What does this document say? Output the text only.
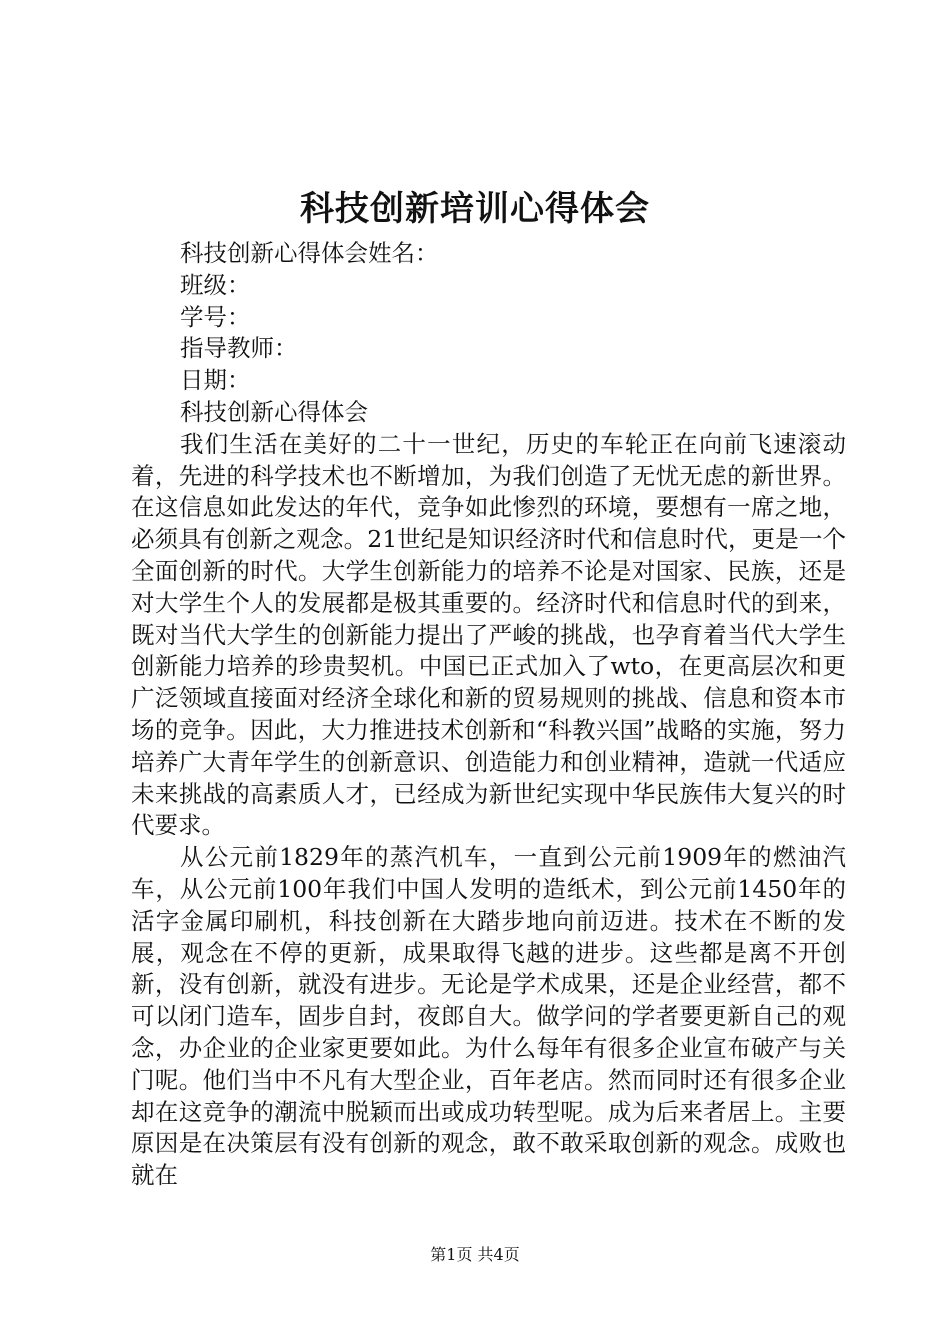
科技创新培训心得体会
科技创新心得体会姓名：
班级：
学号：
指导教师：
日期：
科技创新心得体会

我们生活在美好的二十一世纪，历史的车轮正在向前飞速滚动着，先进的科学技术也不断增加，为我们创造了无忧无虑的新世界。在这信息如此发达的年代，竞争如此惨烈的环境，要想有一席之地，必须具有创新之观念。21世纪是知识经济时代和信息时代，更是一个全面创新的时代。大学生创新能力的培养不论是对国家、民族，还是对大学生个人的发展都是极其重要的。经济时代和信息时代的到来，既对当代大学生的创新能力提出了严峻的挑战，也孕育着当代大学生创新能力培养的珍贵契机。中国已正式加入了wto，在更高层次和更广泛领域直接面对经济全球化和新的贸易规则的挑战、信息和资本市场的竞争。因此，大力推进技术创新和“科教兴国”战略的实施，努力培养广大青年学生的创新意识、创造能力和创业精神，造就一代适应未来挑战的高素质人才，已经成为新世纪实现中华民族伟大复兴的时代要求。

从公元前1829年的蒸汽机车，一直到公元前1909年的燃油汽车，从公元前100年我们中国人发明的造纸术，到公元前1450年的活字金属印刷机，科技创新在大踏步地向前迈进。技术在不断的发展，观念在不停的更新，成果取得飞越的进步。这些都是离不开创新，没有创新，就没有进步。无论是学术成果，还是企业经营，都不可以闭门造车，固步自封，夜郎自大。做学问的学者要更新自己的观念，办企业的企业家更要如此。为什么每年有很多企业宣布破产与关门呢。他们当中不凡有大型企业，百年老店。然而同时还有很多企业却在这竞争的潮流中脱颖而出或成功转型呢。成为后来者居上。主要原因是在决策层有没有创新的观念，敢不敢采取创新的观念。成败也就在

第1页 共4页
